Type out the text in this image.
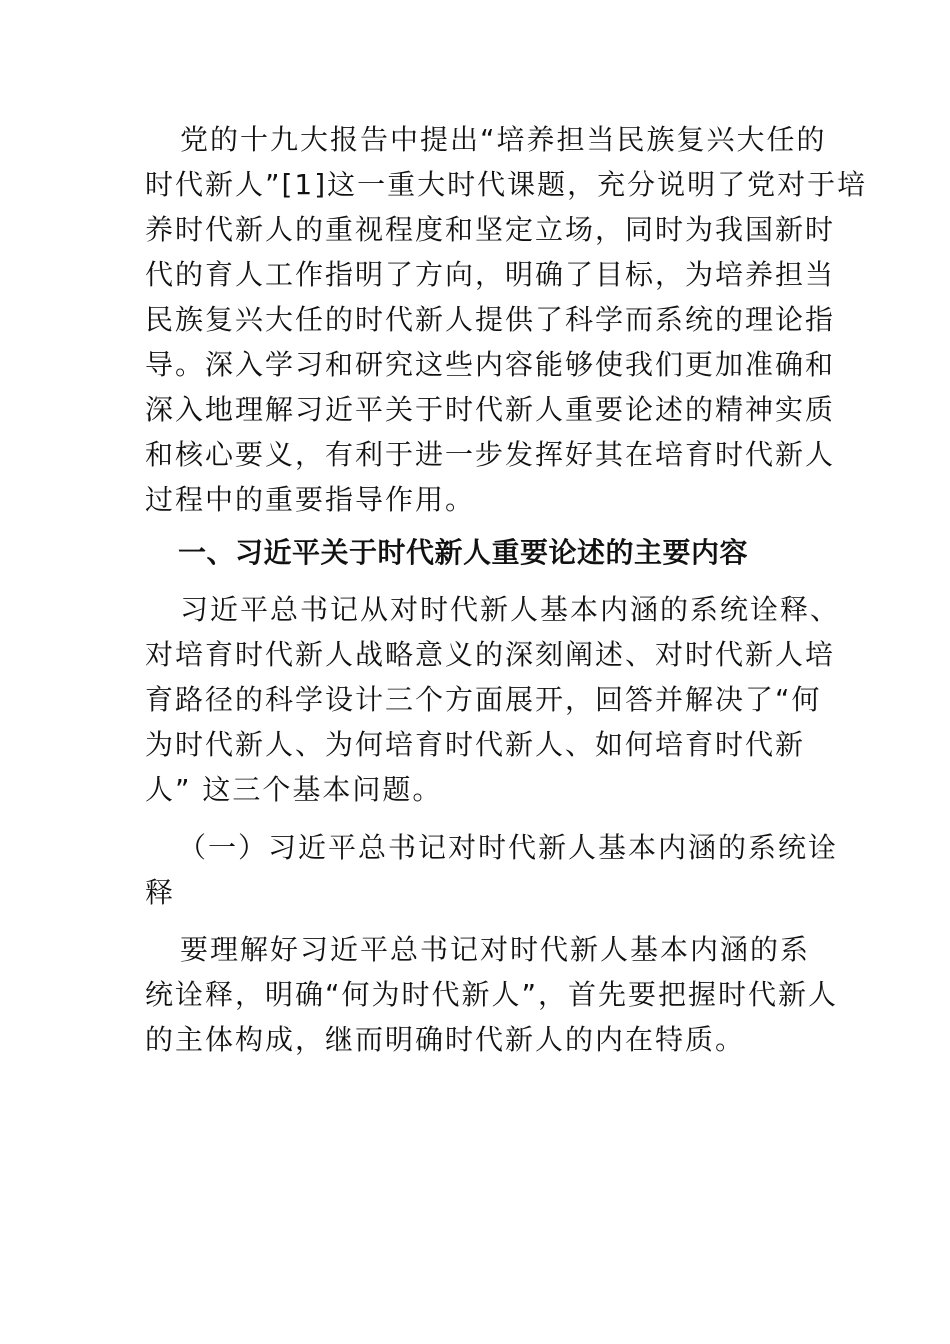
党的十九大报告中提出“培养担当民族复兴大任的
时代新人”[1]这一重大时代课题，充分说明了党对于培
养时代新人的重视程度和坚定立场，同时为我国新时
代的育人工作指明了方向，明确了目标，为培养担当
民族复兴大任的时代新人提供了科学而系统的理论指
导。深入学习和研究这些内容能够使我们更加准确和
深入地理解习近平关于时代新人重要论述的精神实质
和核心要义，有利于进一步发挥好其在培育时代新人
过程中的重要指导作用。
一、习近平关于时代新人重要论述的主要内容
习近平总书记从对时代新人基本内涵的系统诠释、
对培育时代新人战略意义的深刻阐述、对时代新人培
育路径的科学设计三个方面展开，回答并解决了“何
为时代新人、为何培育时代新人、如何培育时代新
人” 这三个基本问题。
（一）习近平总书记对时代新人基本内涵的系统诠
释
要理解好习近平总书记对时代新人基本内涵的系
统诠释，明确“何为时代新人”，首先要把握时代新人
的主体构成，继而明确时代新人的内在特质。
